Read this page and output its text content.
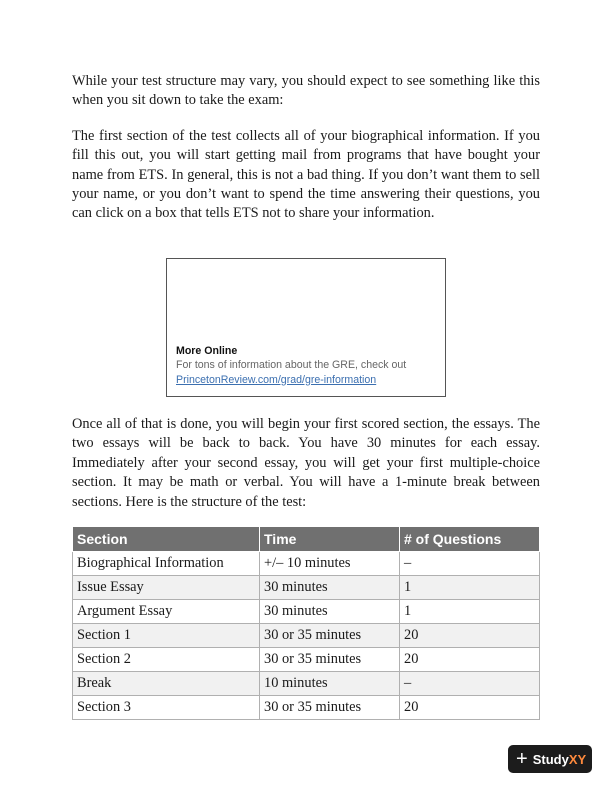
While your test structure may vary, you should expect to see something like this when you sit down to take the exam:

The first section of the test collects all of your biographical information. If you fill this out, you will start getting mail from programs that have bought your name from ETS. In general, this is not a bad thing. If you don’t want them to sell your name, or you don’t want to spend the time answering their questions, you can click on a box that tells ETS not to share your information.

More Online
For tons of information about the GRE, check out
PrincetonReview.com/grad/gre-information

Once all of that is done, you will begin your first scored section, the essays. The two essays will be back to back. You have 30 minutes for each essay. Immediately after your second essay, you will get your first multiple-choice section. It may be math or verbal. You will have a 1-minute break between sections. Here is the structure of the test:

Section	Time	# of Questions
Biographical Information	+/– 10 minutes	–
Issue Essay	30 minutes	1
Argument Essay	30 minutes	1
Section 1	30 or 35 minutes	20
Section 2	30 or 35 minutes	20
Break	10 minutes	–
Section 3	30 or 35 minutes	20
+ Study XY
